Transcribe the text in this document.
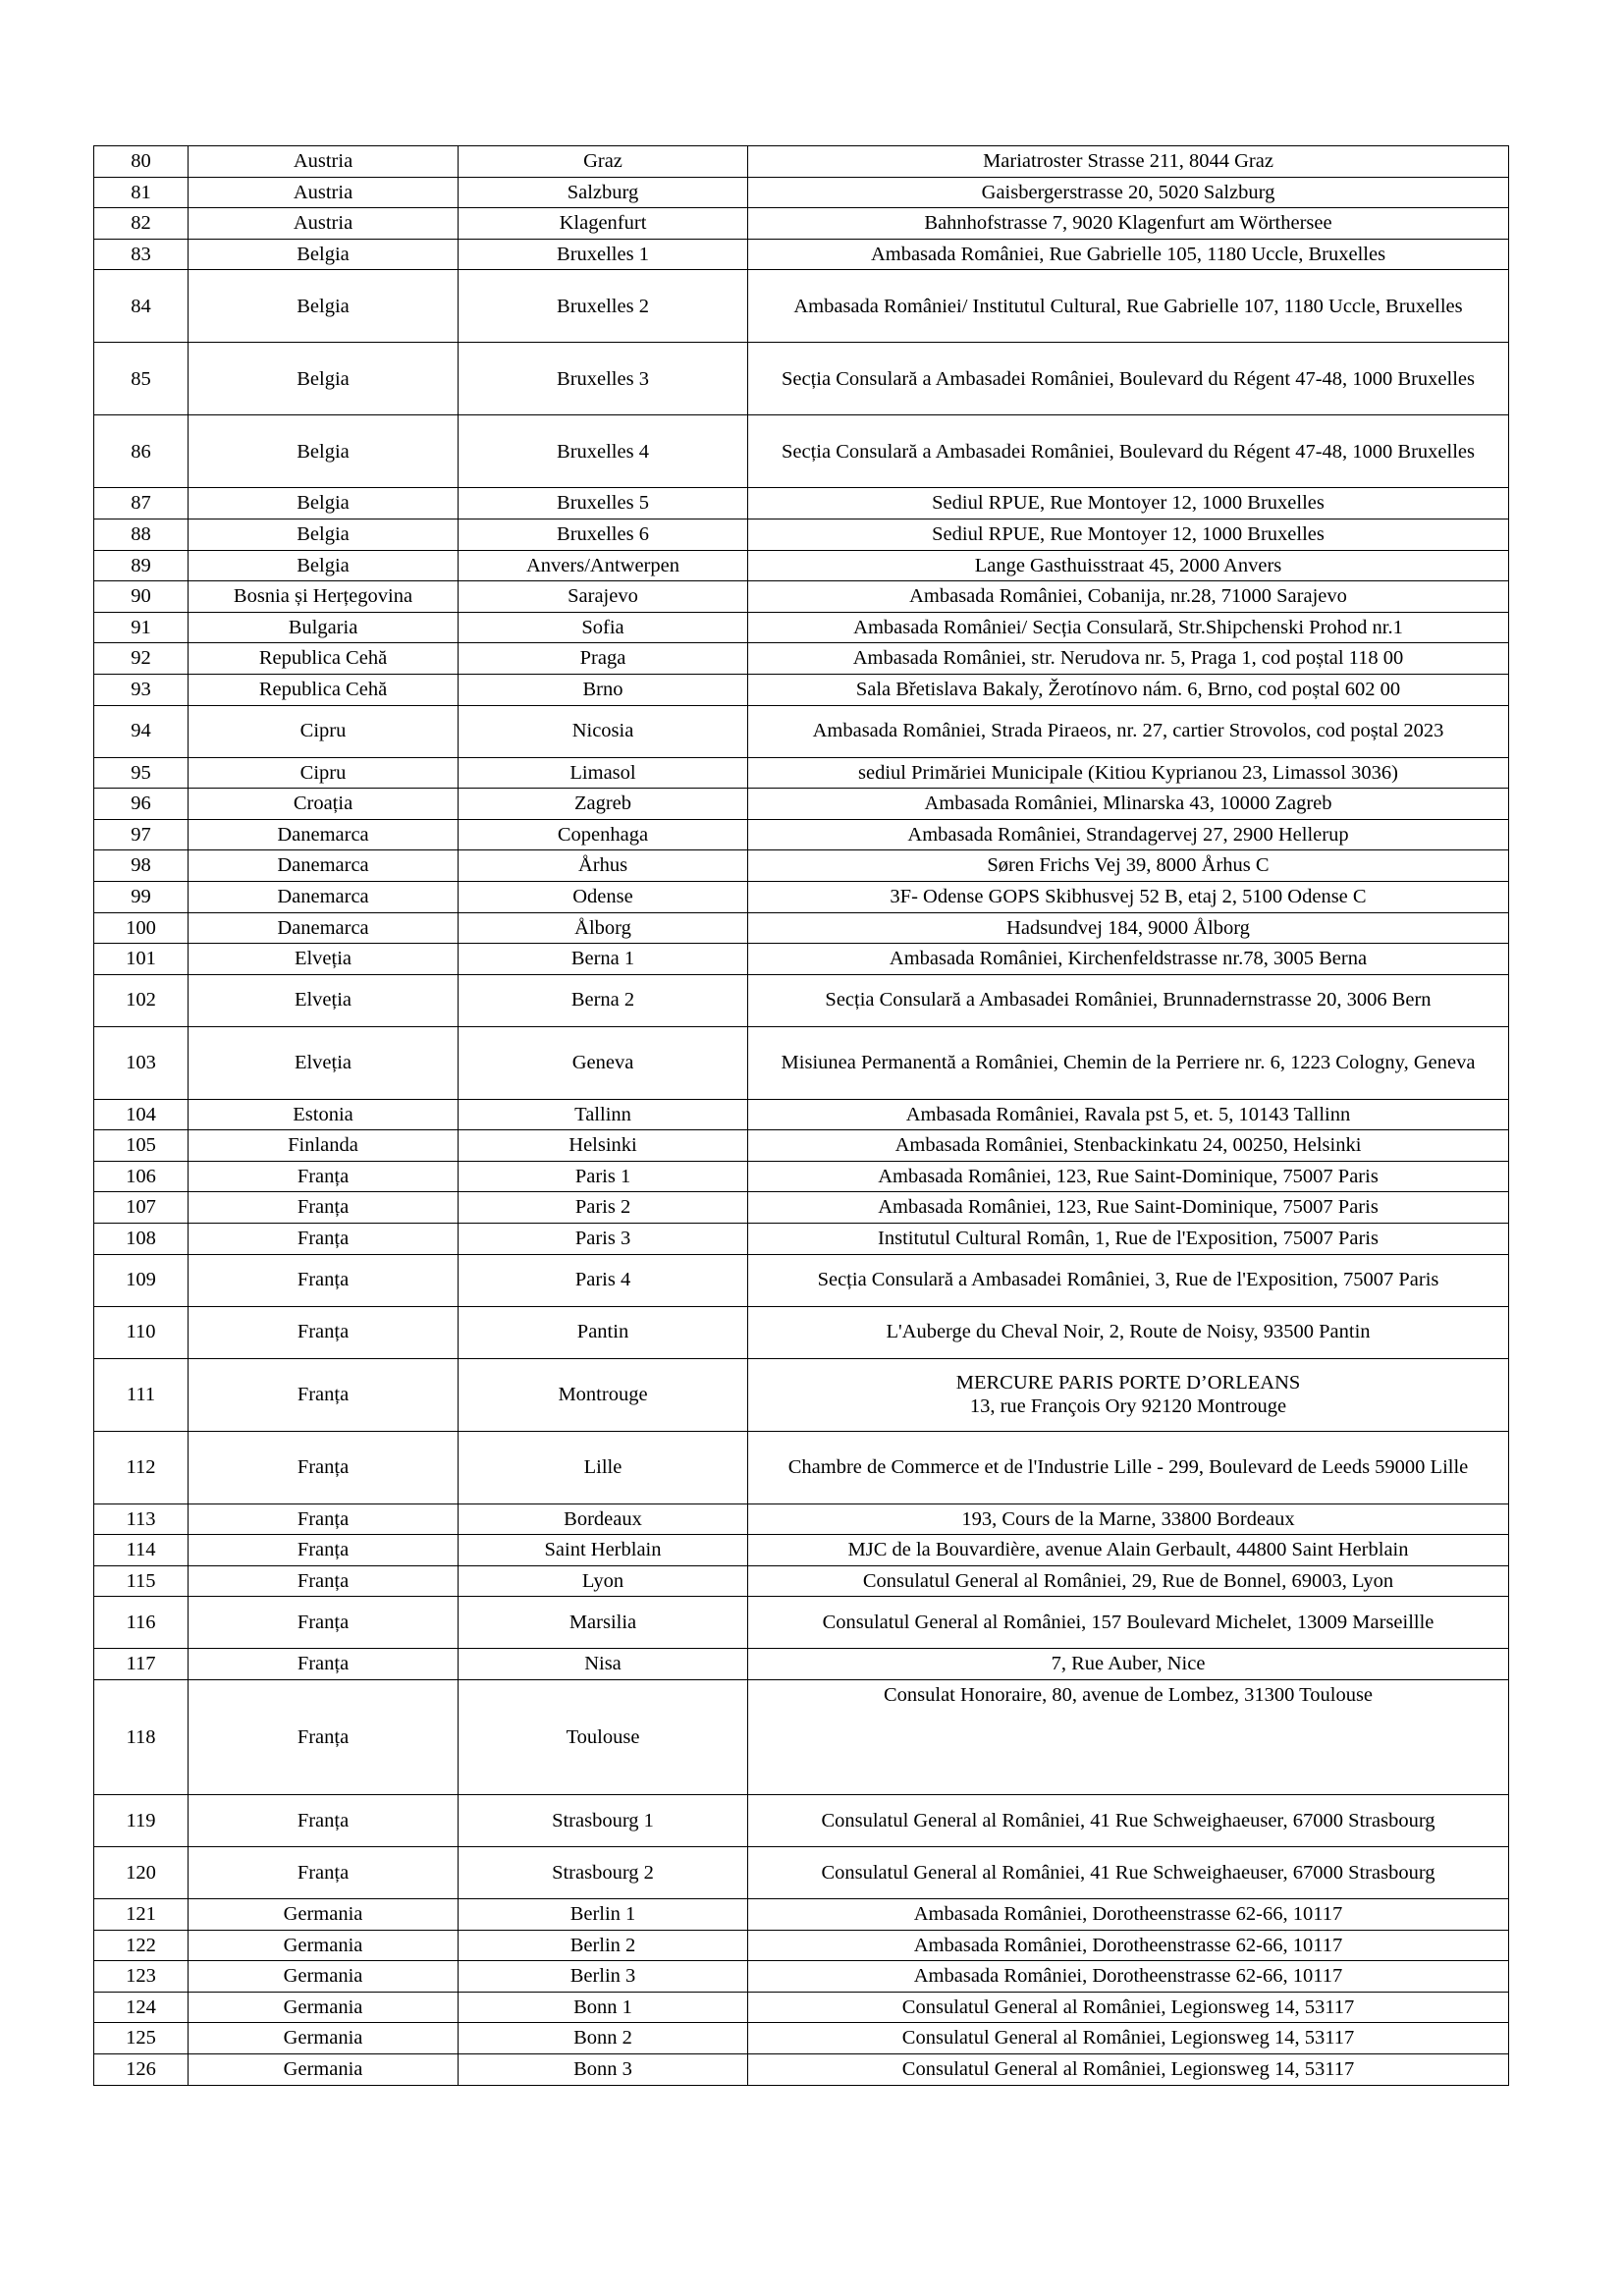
80	Austria	Graz	Mariatroster Strasse 211, 8044 Graz
81	Austria	Salzburg	Gaisbergerstrasse 20, 5020 Salzburg
82	Austria	Klagenfurt	Bahnhofstrasse 7, 9020 Klagenfurt am Wörthersee
83	Belgia	Bruxelles 1	Ambasada României, Rue Gabrielle 105, 1180 Uccle, Bruxelles
84	Belgia	Bruxelles 2	Ambasada României/ Institutul Cultural, Rue Gabrielle 107, 1180 Uccle, Bruxelles
85	Belgia	Bruxelles 3	Secția Consulară a Ambasadei României, Boulevard du Régent 47-48, 1000 Bruxelles
86	Belgia	Bruxelles 4	Secția Consulară a Ambasadei României, Boulevard du Régent 47-48, 1000 Bruxelles
87	Belgia	Bruxelles 5	Sediul RPUE, Rue Montoyer 12, 1000 Bruxelles
88	Belgia	Bruxelles 6	Sediul RPUE, Rue Montoyer 12, 1000 Bruxelles
89	Belgia	Anvers/Antwerpen	Lange Gasthuisstraat 45, 2000 Anvers
90	Bosnia și Herțegovina	Sarajevo	Ambasada României, Cobanija, nr.28, 71000 Sarajevo
91	Bulgaria	Sofia	Ambasada României/ Secția Consulară, Str.Shipchenski Prohod nr.1
92	Republica Cehă	Praga	Ambasada României, str. Nerudova nr. 5, Praga 1, cod poștal 118 00
93	Republica Cehă	Brno	Sala Břetislava Bakaly, Žerotínovo nám. 6, Brno, cod poștal 602 00
94	Cipru	Nicosia	Ambasada României, Strada Piraeos, nr. 27, cartier Strovolos, cod poștal 2023
95	Cipru	Limasol	sediul Primăriei Municipale (Kitiou Kyprianou 23, Limassol 3036)
96	Croația	Zagreb	Ambasada României, Mlinarska 43, 10000 Zagreb
97	Danemarca	Copenhaga	Ambasada României, Strandagervej 27, 2900 Hellerup
98	Danemarca	Århus	Søren Frichs Vej 39, 8000 Århus C
99	Danemarca	Odense	3F- Odense GOPS Skibhusvej 52 B, etaj 2, 5100 Odense C
100	Danemarca	Ålborg	Hadsundvej 184, 9000 Ålborg
101	Elveția	Berna 1	Ambasada României, Kirchenfeldstrasse nr.78, 3005 Berna
102	Elveția	Berna 2	Secția Consulară a Ambasadei României, Brunnadernstrasse 20, 3006 Bern
103	Elveția	Geneva	Misiunea Permanentă a României, Chemin de la Perriere nr. 6, 1223 Cologny, Geneva
104	Estonia	Tallinn	Ambasada României, Ravala pst 5, et. 5, 10143 Tallinn
105	Finlanda	Helsinki	Ambasada României, Stenbackinkatu 24, 00250, Helsinki
106	Franța	Paris 1	Ambasada României, 123, Rue Saint-Dominique, 75007 Paris
107	Franța	Paris 2	Ambasada României, 123, Rue Saint-Dominique, 75007 Paris
108	Franța	Paris 3	Institutul Cultural Român, 1, Rue de l'Exposition, 75007 Paris
109	Franța	Paris 4	Secția Consulară a Ambasadei României, 3, Rue de l'Exposition, 75007 Paris
110	Franța	Pantin	L'Auberge du Cheval Noir, 2, Route de Noisy, 93500 Pantin
111	Franța	Montrouge	MERCURE PARIS PORTE D’ORLEANS
13, rue François Ory 92120 Montrouge

112	Franța	Lille	Chambre de Commerce et de l'Industrie Lille - 299, Boulevard de Leeds 59000 Lille
113	Franța	Bordeaux	193, Cours de la Marne, 33800 Bordeaux
114	Franța	Saint Herblain	MJC de la Bouvardière, avenue Alain Gerbault, 44800 Saint Herblain
115	Franța	Lyon	Consulatul General al României, 29, Rue de Bonnel, 69003, Lyon
116	Franța	Marsilia	Consulatul General al României, 157 Boulevard Michelet, 13009 Marseillle
117	Franța	Nisa	7, Rue Auber, Nice
118	Franța	Toulouse	Consulat Honoraire, 80, avenue de Lombez, 31300 Toulouse

119	Franța	Strasbourg 1	Consulatul General al României, 41 Rue Schweighaeuser, 67000 Strasbourg
120	Franța	Strasbourg 2	Consulatul General al României, 41 Rue Schweighaeuser, 67000 Strasbourg
121	Germania	Berlin 1	Ambasada României, Dorotheenstrasse 62-66, 10117
122	Germania	Berlin 2	Ambasada României, Dorotheenstrasse 62-66, 10117
123	Germania	Berlin 3	Ambasada României, Dorotheenstrasse 62-66, 10117
124	Germania	Bonn 1	Consulatul General al României, Legionsweg 14, 53117
125	Germania	Bonn 2	Consulatul General al României, Legionsweg 14, 53117
126	Germania	Bonn 3	Consulatul General al României, Legionsweg 14, 53117
